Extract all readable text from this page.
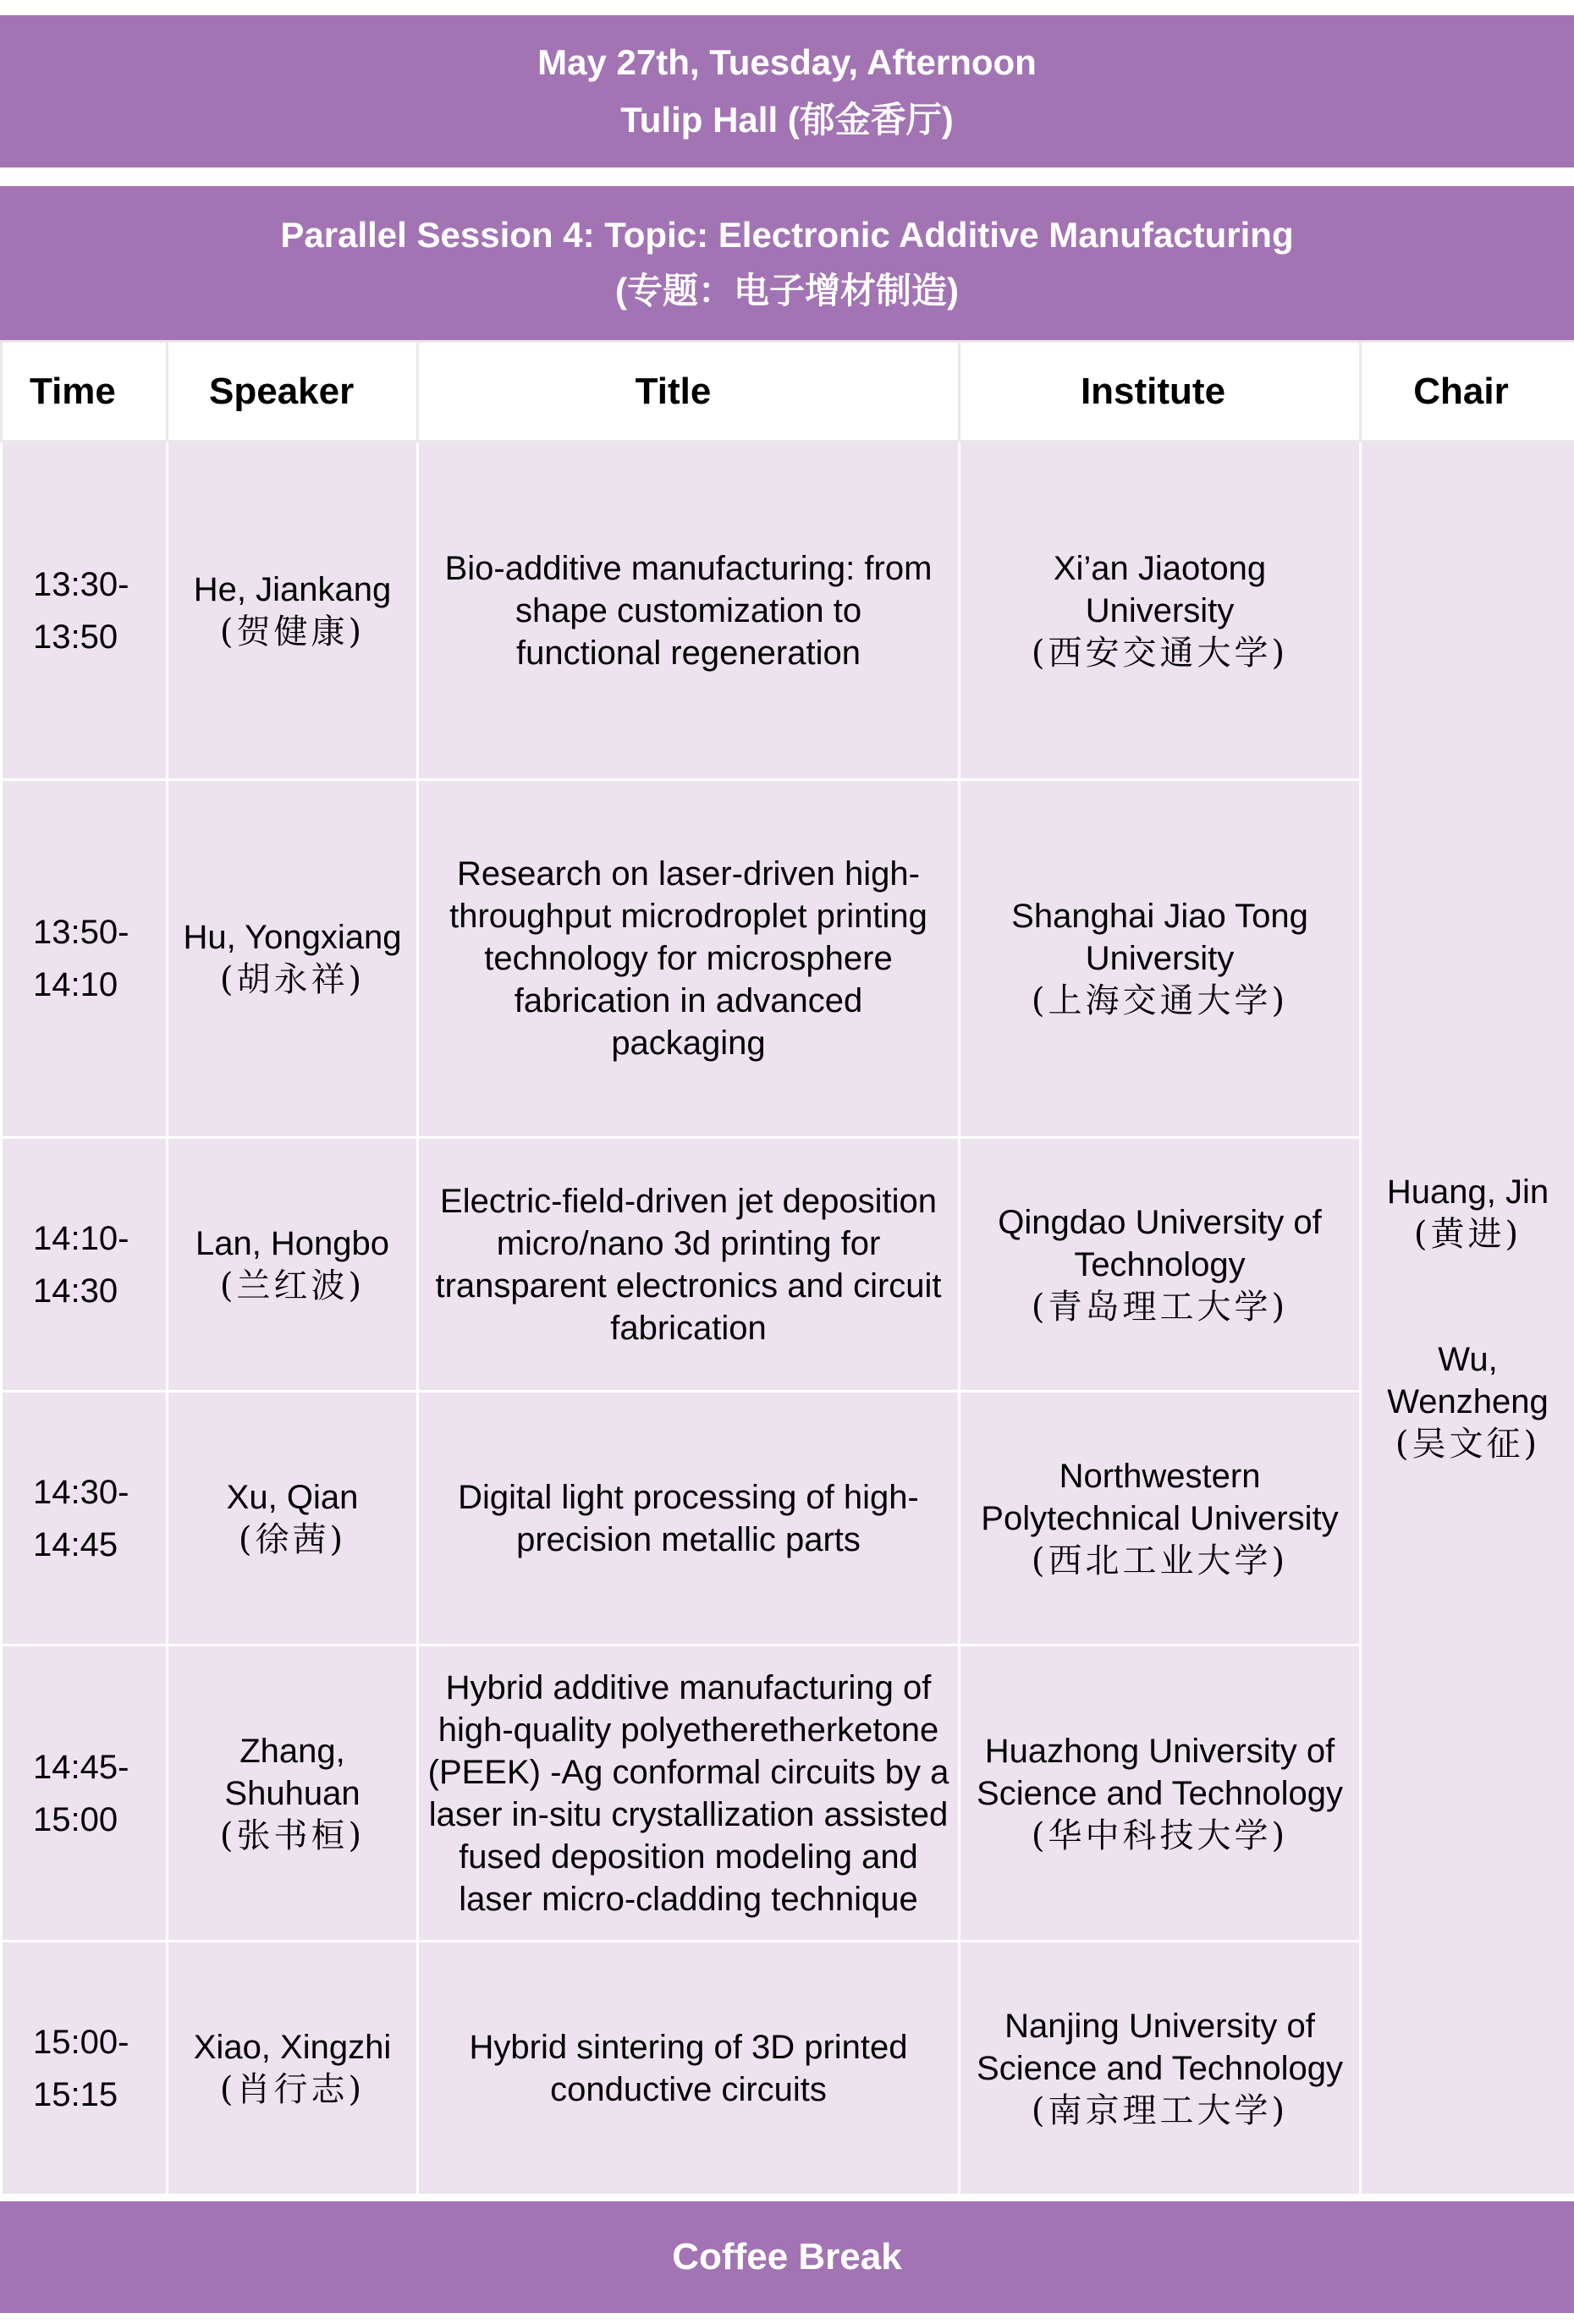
May 27th, Tuesday, Afternoon
Tulip Hall (郁金香厅)
Parallel Session 4: Topic: Electronic Additive Manufacturing
(专题：电子增材制造)
Time	Speaker	Title	Institute	Chair

13:30-
13:50	He, Jiankang
(贺健康)	Bio-additive manufacturing: from shape customization to functional regeneration	Xi’an Jiaotong University
(西安交通大学)	Huang, Jin
(黄进)
Wu, Wenzheng
(吴文征)

13:50-
14:10	Hu, Yongxiang
(胡永祥)	Research on laser-driven high-throughput microdroplet printing technology for microsphere fabrication in advanced packaging	Shanghai Jiao Tong University
(上海交通大学)	

14:10-
14:30	Lan, Hongbo
(兰红波)	Electric-field-driven jet deposition micro/nano 3d printing for transparent electronics and circuit fabrication	Qingdao University of Technology
(青岛理工大学)	

14:30-
14:45	Xu, Qian
(徐茜)	Digital light processing of high-precision metallic parts	Northwestern Polytechnical University
(西北工业大学)	

14:45-
15:00	Zhang, Shuhuan
(张书桓)	Hybrid additive manufacturing of high-quality polyetheretherketone (PEEK) -Ag conformal circuits by a laser in-situ crystallization assisted fused deposition modeling and laser micro-cladding technique	Huazhong University of Science and Technology
(华中科技大学)	

15:00-
15:15	Xiao, Xingzhi
(肖行志)	Hybrid sintering of 3D printed conductive circuits	Nanjing University of Science and Technology
(南京理工大学)	
Coffee Break
